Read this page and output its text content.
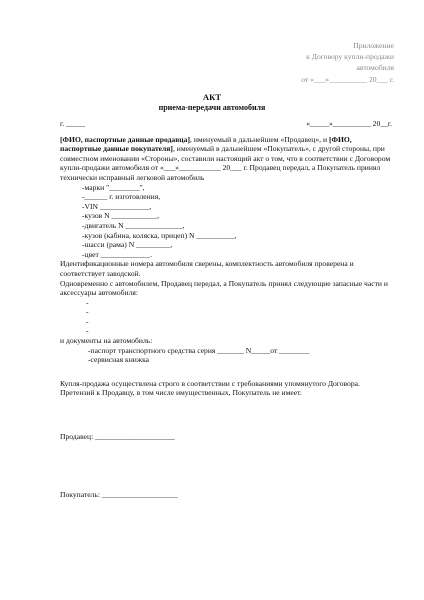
Приложение
к Договору купли-продажи
автомобиля
от «___»__________ 20___ г.
АКТ
приема-передачи автомобиля
г. _____	«_____»__________ 20__г.

[ФИО, паспортные данные продавца], именуемый в дальнейшем «Продавец», и [ФИО, паспортные данные покупателя], именуемый в дальнейшем «Покупатель», с другой стороны, при совместном именовании «Стороны», составили настоящий акт о том, что в соответствии с Договором купли-продажи автомобиля от «___»___________ 20___ г. Продавец передал, а Покупатель принял технически исправный легковой автомобиль

-марки "________",
-______ г. изготовления,
-VIN _____________,
-кузов N ____________,
-двигатель N _______________,
-кузов (кабина, коляска, прицеп) N __________,
-шасси (рама) N _________,
-цвет _____________.

Идентификационные номера автомобиля сверены, комплектность автомобиля проверена и соответствует заводской.

Одновременно с автомобилем, Продавец передал, а Покупатель принял следующие запасные части и аксессуары автомобиля:

-
-
-
-

и документы на автомобиль:

-паспорт транспортного средства серия _______ N_____от ________
-сервисная книжка

Купля-продажа осуществлена строго в соответствии с требованиями упомянутого Договора. Претензий к Продавцу, в том числе имущественных, Покупатель не имеет.

Продавец: _____________________
Покупатель: ____________________
